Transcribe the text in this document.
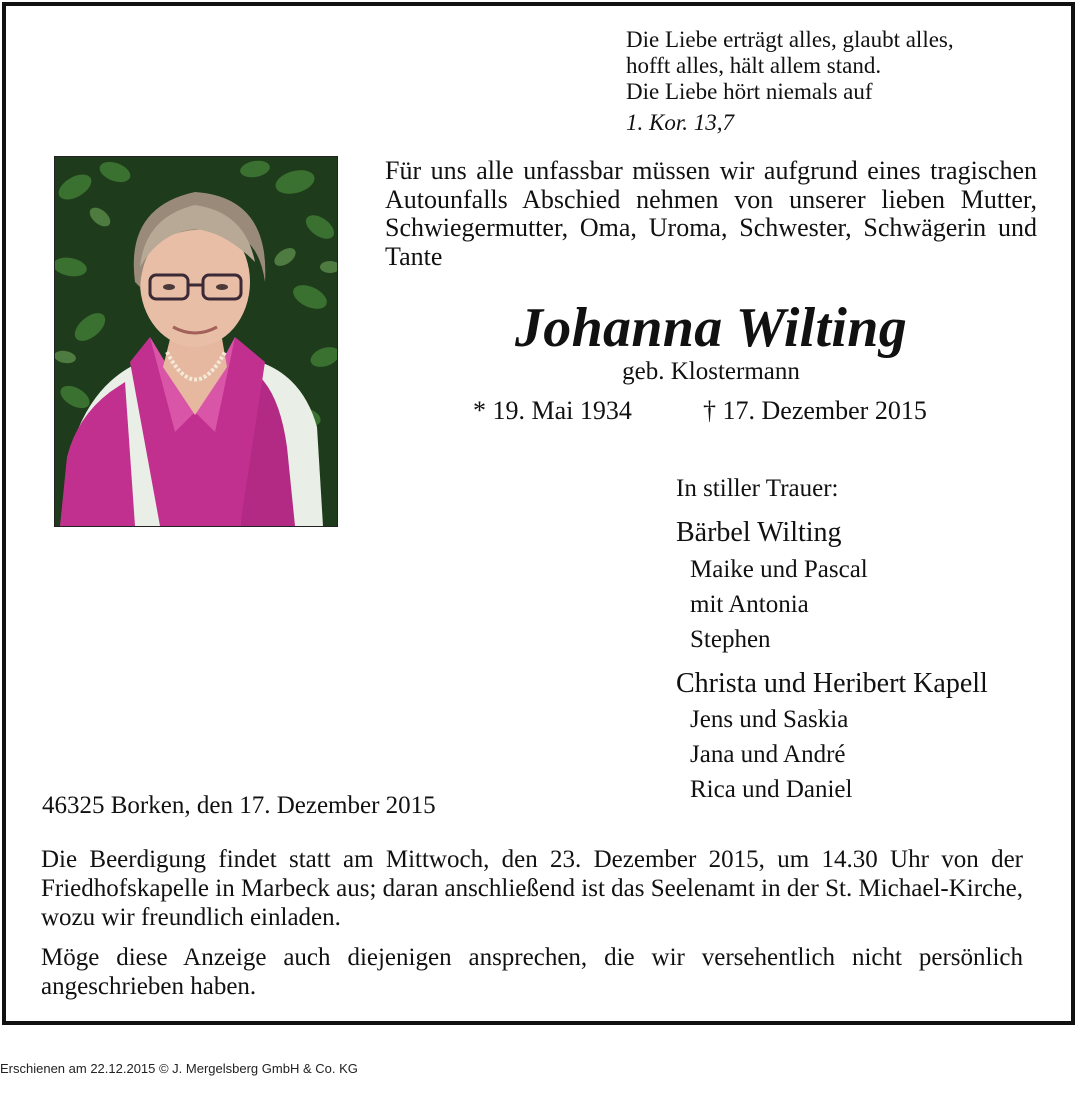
Die Liebe erträgt alles, glaubt alles,
hofft alles, hält allem stand.
Die Liebe hört niemals auf
1. Kor. 13,7
Für uns alle unfassbar müssen wir aufgrund eines tragischen Autounfalls Abschied nehmen von unserer lieben Mutter, Schwiegermutter, Oma, Uroma, Schwester, Schwägerin und Tante
Johanna Wilting
geb. Klostermann
* 19. Mai 1934	† 17. Dezember 2015
In stiller Trauer:
Bärbel Wilting
Maike und Pascal
mit Antonia
Stephen
Christa und Heribert Kapell
Jens und Saskia
Jana und André
Rica und Daniel
46325 Borken, den 17. Dezember 2015
Die Beerdigung findet statt am Mittwoch, den 23. Dezember 2015, um 14.30 Uhr von der Friedhofskapelle in Marbeck aus; daran anschließend ist das Seelenamt in der St. Michael-Kirche, wozu wir freundlich einladen.
Möge diese Anzeige auch diejenigen ansprechen, die wir versehentlich nicht persönlich angeschrieben haben.
Erschienen am 22.12.2015 © J. Mergelsberg GmbH & Co. KG
